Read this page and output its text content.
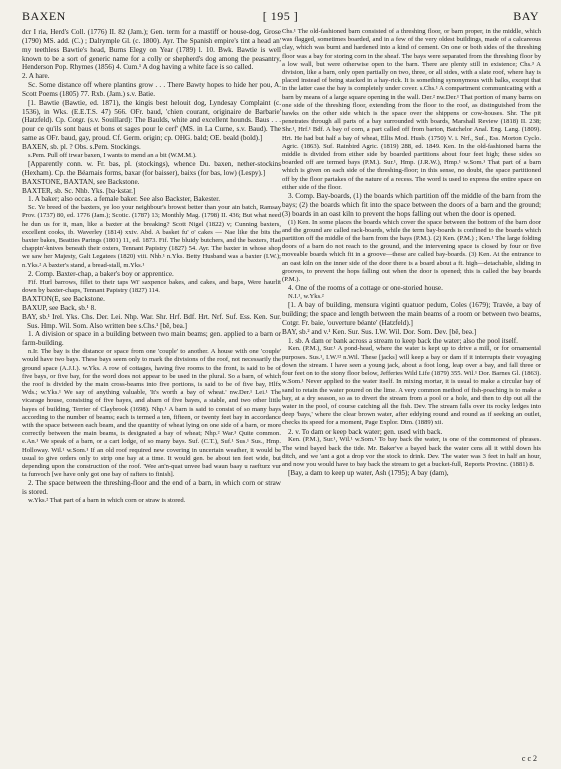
BAXEN	[ 195 ]	BAY

dcr I ria, Herd's Coll. (1776) II. 82 (Jam.); Gen. term for a mastiff or house-dog, Grose (1790) MS. add. (C.) ; Dalrymple Gl. (c. 1800). Ayr. The Spanish empire's tint a head an' my teethless Bawtie's head, Burns Elegy on Year (1789) l. 10. Bwk. Bawtie is well known to be a sort of generic name for a colly or shepherd's dog among the peasantry, Henderson Pop. Rhymes (1856) 4. Cum.¹ A dog having a white face is so called.

2. A hare.

Sc. Some distance off where plantins grow . . . There Bawty hopes to hide her pou, A. Scott Poems (1805) 77. Rxb. (Jam.) s.v. Batie.

[1. Bawtie (Bawtie, ed. 1871), the kingis best helouit dog, Lyndesay Complaint (c. 1536), in Wks. (E.E.T.S. 47) 566. OFr. baud, 'chien courant, originaire de Barbarie' (Hatzfeld). Cp. Cotgr. (s.v. Souillard): The Baulds, white and excellent hounds. Baus . . . pour ce qu'ils sont baus et bons et sages pour le cerf' (MS. in La Curne, s.v. Baud). The same as OFr. baud, gay, proud. Cf. Germ. origin; cp. OHG. bald; OE. beald (bold).]

BAXEN, sb. pl. ? Obs. s.Pem. Stockings.

s.Pem. Pull off irwar baxen, I wants to mend an a bit (W.M.M.).

[Apparently conn. w. Fr. bas, pl. (stockings), whence Du. baxen, nether-stockins (Hexham). Cp. the Béarnais forms, baxar (for baisser), baixs (for bas, low) (Lespy).]

BAXSTONE, BAXTAN, see Backstone.

BAXTER, sb. Sc. Nhb. Yks. [ba·kstər.]

1. A baker; also occas. a female baker. See also Backster, Bakester.

Sc. Ye breed of the baxters, ye loo your neighbour's browst better than your ain batch, Ramsay Prov. (1737) 80, ed. 1776 (Jam.); Scotic. (1787) 13; Monthly Mag. (1798) II. 436; But what need he dun us for it, man, like a baxter at the breaking? Scott Nigel (1822) v; Cunning baxters, excellent cooks, ib. Waverley (1814) xxiv. Abd. A basket fu' o' cakes — Nae like the bits the baxter bakes, Beatties Parings (1801) 11, ed. 1873. Fif. The bluidy butchers, and the baxters, Had chappin'-knives beneath their oxters, Tennant Papistry (1827) 54. Ayr. The baxter in whose shop we saw her Majesty, Galt Legatees (1820) viii. Nhb.¹ n.Yks. Betty Husband was a baxter (I.W.); n.Yks.² A baxter's stand, a bread-stall, m.Yks.¹

2. Comp. Baxter-chap, a baker's boy or apprentice.

Fif. Hurl barrows, fillet to their taps Wi' saxpence bakes, and cakes, and baps, Were haurlit down by baxter-chaps, Tennant Papistry (1827) 114.

BAXTON(E, see Backstone.

BAXUP, see Back, sb.¹ 8.

BAY, sb.¹ Irel. Yks. Chs. Der. Lei. Nhp. War. Shr. Hrf. Bdf. Hrt. Nrf. Suf. Ess. Ken. Sur. Sus. Hmp. Wil. Som. Also written bee s.Chs.¹ [bē, bea.]

1. A division or space in a building between two main beams; gen. applied to a barn or farm-building.

n.Ir. The bay is the distance or space from one 'couple' to another. A house with one 'couple' would have two bays. These bays seem only to mark the divisions of the roof, not necessarily the ground space (A.J.I.). w.Yks. A row of cottages, having five rooms to the front, is said to be of five bays, or five bay, for the word does not appear to be used in the plural. So a barn, of which the roof is divided by the main cross-beams into five portions, is said to be of five bay, Hlfx Wds.; w.Yks.¹ We say of anything valuable, 'It's worth a bay of wheat.' nw.Der.¹ Lei.¹ The vicarage house, consisting of five bayes, and abarn of five bayes, a stable, and two other little bayes of building, Terrier of Claybrook (1698). Nhp.¹ A barn is said to consist of so many bays according to the number of beams; each is termed a ten, fifteen, or twenty feet bay in accordance with the space between each beam, and the quantity of wheat lying on one side of a barn, or more correctly between the main beams, is designated a bay of wheat; Nhp.² War.³ Quite common. e.An.¹ We speak of a barn, or a cart lodge, of so many bays. Suf. (C.T.), Suf.¹ Sus.¹ Sus., Hmp. Holloway. Wil.¹ w.Som.¹ If an old roof required new covering in uncertain weather, it would be usual to give orders only to strip one bay at a time. It would gen. be about ten feet wide, but depending upon the construction of the roof. 'Wee an'n-quat unvee bad waun baay u raefturz vur ta funvoch [we have only got one bay of rafters to finish].

2. The space between the threshing-floor and the end of a barn, in which corn or straw is stored.

w.Yks.² That part of a barn in which corn or straw is stored.

Chs.¹ The old-fashioned barn consisted of a threshing floor, or barn proper, in the middle, which was flagged, sometimes boarded, and in a few of the very oldest buildings, made of a calcareous clay, which was burnt and hardened into a kind of cement. On one or both sides of the threshing floor was a bay for storing corn in the sheaf. The bays were separated from the threshing floor by a low wall, but were otherwise open to the barn. There are plenty still in existence; Chs.³ A division, like a barn, only open partially on two, three, or all sides, with a slate roof, where hay is placed instead of being stacked in a hay-rick. It is something synonymous with balks, except that in the latter case the bay is completely under cover. s.Chs.¹ A compartment communicating with a barn by means of a large square opening in the wall. Der.² nw.Der.¹ That portion of many barns on one side of the threshing floor, extending from the floor to the roof, as distinguished from the bawks on the other side which is the space over the shippens or cow-houses. Shr. The pit penetrates through all parts of a bay surrounded with boards, Marshall Review (1818) II. 238; Shr.¹, Hrf.¹ Bdf. A bay of corn, a part called off from barton, Batchelor Anal. Eng. Lang. (1809). Hrt. He had but half a bay of wheat, Ellis Mod. Husb. (1750) V. i. Nrf., Suf., Ess. Morton Cyclo. Agric. (1863). Suf. Rainbird Agric. (1819) 288, ed. 1849. Ken. In the old-fashioned barns the middle is divided from either side by boarded partitions about four feet high; these sides so boarded off are termed bays (P.M.). Sur.¹, Hmp. (J.R.W.), Hmp.¹ w.Som.¹ That part of a barn which is given on each side of the threshing-floor; in this sense, no doubt, the space partitioned off by the floor partakes of the nature of a recess. The word is used to express the entire space on either side of the floor.

3. Comp. Bay-boards, (1) the boards which partition off the middle of the barn from the bays; (2) the boards which fit into the space between the doors of a barn and the ground; (3) boards in an oast kiln to prevent the hops falling out when the door is opened.

(1) Ken. In some places the boards which cover the space between the bottom of the barn door and the ground are called rack-boards, while the term bay-boards is confined to the boards which partition off the middle of the barn from the bays (P.M.). (2) Ken. (P.M.) ; Ken.¹ The large folding doors of a barn do not reach to the ground, and the intervening space is closed by four or five moveable boards which fit in a groove—these are called bay-boards. (3) Ken. At the entrance to an oast kiln on the inner side of the door there is a board about a ft. high—detachable, sliding in grooves, to prevent the hops falling out when the door is opened; this is called the bay boards (P.M.).

4. One of the rooms of a cottage or one-storied house.

N.I.¹, w.Yks.²

[1. A bay of building, mensura viginti quatuor pedum, Coles (1679); Travée, a bay of building; the space and length between the main beams of a room or between two beams, Cotgr. Fr. baie, 'ouverture béante' (Hatzfeld).]

BAY, sb.² and v.¹ Ken. Sur. Sus. I.W. Wil. Dor. Som. Dev. [bē, beə.]

1. sb. A dam or bank across a stream to keep back the water; also the pool itself.

Ken. (P.M.), Sur.¹ A pond-head, where the water is kept up to drive a mill, or for ornamental purposes. Sus.¹, I.W.¹² n.Wil. These [jacks] will keep a bay or dam if it interrupts their voyaging down the stream. I have seen a young jack, about a foot long, leap over a bay, and fall three or four feet on to the stony floor below, Jefferies Wild Life (1879) 355. Wil.¹ Dor. Barnes Gl. (1863). w.Som.¹ Never applied to the water itself. In mixing mortar, it is usual to make a circular bay of sand to retain the water poured on the lime. A very common method of fish-poaching is to make a bay, at a dry season, so as to divert the stream from a pool or a hole, and then to dip out all the water in the pool, of course catching all the fish. Dev. The stream falls over its rocky ledges into deep 'bays,' where the clear brown water, after eddying round and round as if seeking an outlet, checks its speed for a moment, Page Explor. Dtm. (1889) xii.

2. v. To dam or keep back water; gen. used with back.

Ken. (P.M.), Sur.¹, Wil.¹ w.Som.¹ To bay back the water, is one of the commonest of phrases. The wind bayed back the tide. Mr. Baker've a bayed back the water cens all it withl down his ditch, and we 'ant a got a drop vor the stock to drink. Dev. The water was 3 feet in half an hour, and now you would have to bay back the stream to get a bucket-full, Reports Provinc. (1881) 8.

[Bay, a dam to keep up water, Ash (1795); A bay (dam),

c c 2
